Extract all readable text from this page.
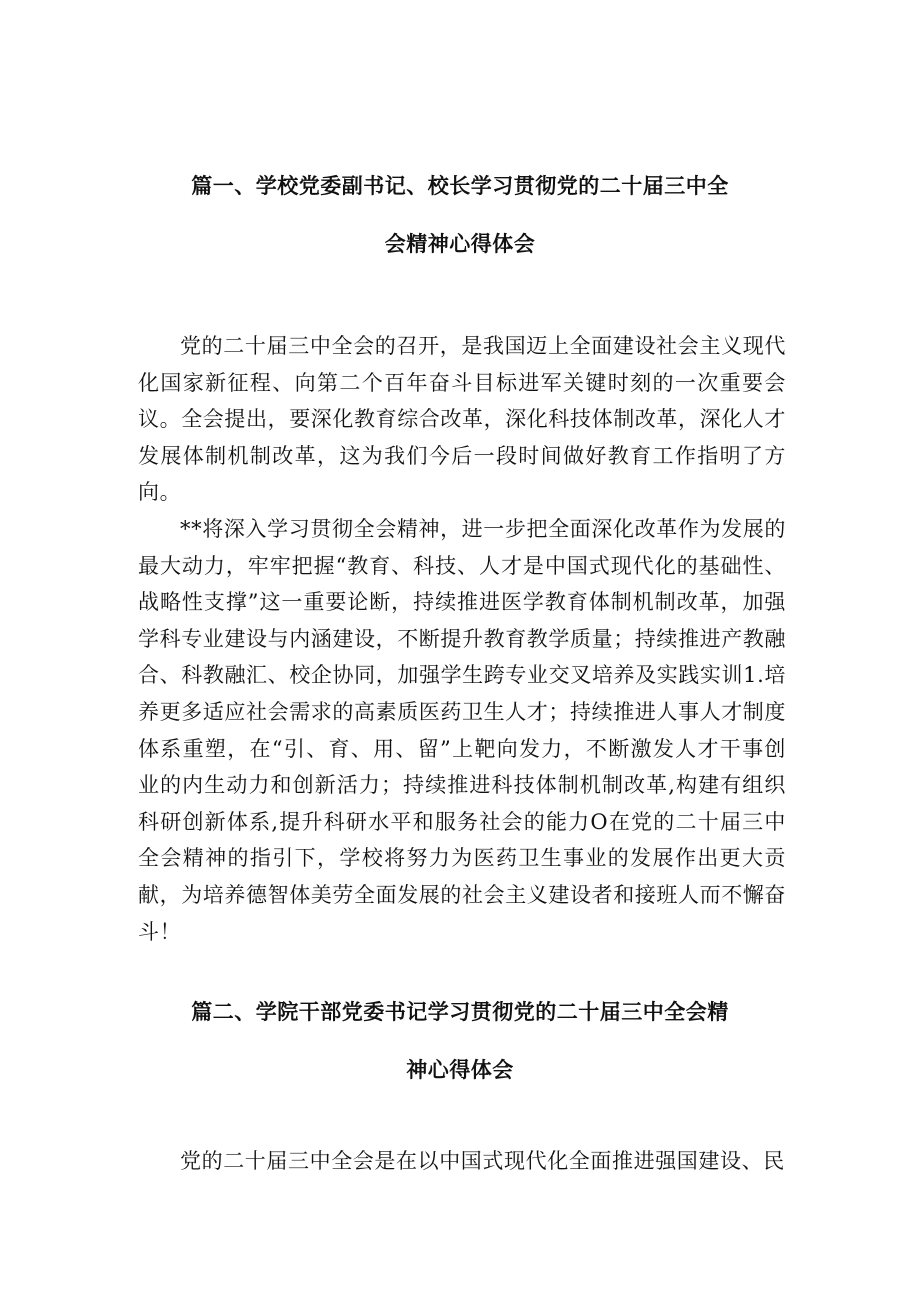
篇一、学校党委副书记、校长学习贯彻党的二十届三中全
会精神心得体会

党的二十届三中全会的召开，是我国迈上全面建设社会主义现代化国家新征程、向第二个百年奋斗目标进军关键时刻的一次重要会议。全会提出，要深化教育综合改革，深化科技体制改革，深化人才发展体制机制改革，这为我们今后一段时间做好教育工作指明了方向。

**将深入学习贯彻全会精神，进一步把全面深化改革作为发展的最大动力，牢牢把握“教育、科技、人才是中国式现代化的基础性、战略性支撑”这一重要论断，持续推进医学教育体制机制改革，加强学科专业建设与内涵建设，不断提升教育教学质量；持续推进产教融合、科教融汇、校企协同，加强学生跨专业交叉培养及实践实训1.培养更多适应社会需求的高素质医药卫生人才；持续推进人事人才制度体系重塑，在“引、育、用、留”上靶向发力，不断激发人才干事创业的内生动力和创新活力；持续推进科技体制机制改革,构建有组织科研创新体系,提升科研水平和服务社会的能力O在党的二十届三中全会精神的指引下，学校将努力为医药卫生事业的发展作出更大贡献，为培养德智体美劳全面发展的社会主义建设者和接班人而不懈奋斗！

篇二、学院干部党委书记学习贯彻党的二十届三中全会精
神心得体会

党的二十届三中全会是在以中国式现代化全面推进强国建设、民
